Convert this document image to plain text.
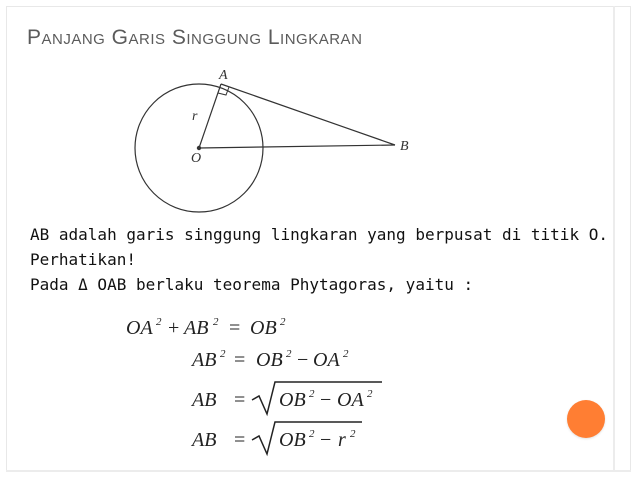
Panjang Garis Singgung Lingkaran
A
r
O
B
AB adalah garis singgung lingkaran yang berpusat di titik O.
Perhatikan!
Pada Δ OAB berlaku teorema Phytagoras, yaitu :
OA 2 + AB 2 = OB 2
AB 2 = OB 2 − OA 2
AB = OB 2 − OA 2
AB = OB 2 − r 2
